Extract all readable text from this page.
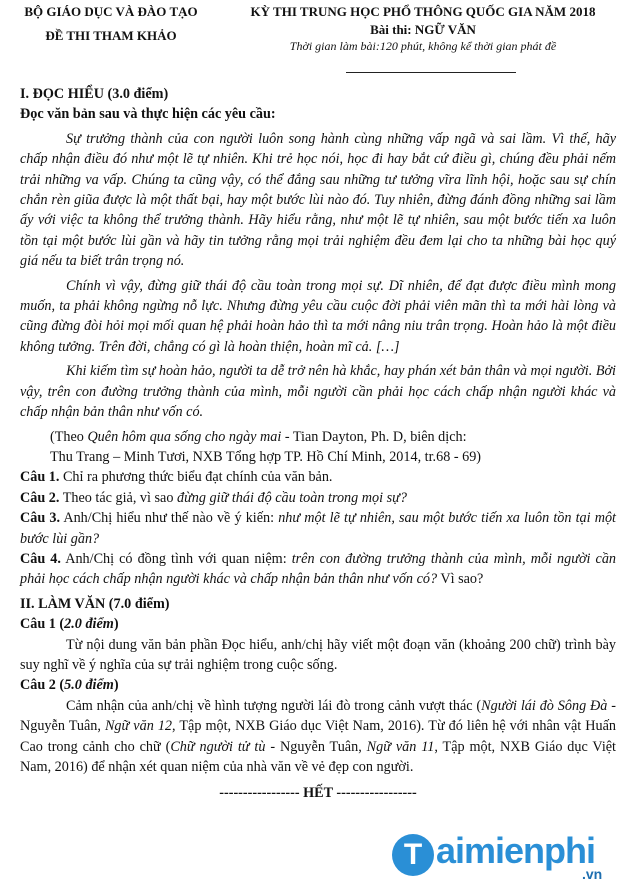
BỘ GIÁO DỤC VÀ ĐÀO TẠO
ĐỀ THI THAM KHẢO
KỲ THI TRUNG HỌC PHỔ THÔNG QUỐC GIA NĂM 2018
Bài thi: NGỮ VĂN
Thời gian làm bài:120 phút, không kể thời gian phát đề

I. ĐỌC HIỂU (3.0 điểm)

Đọc văn bản sau và thực hiện các yêu cầu:

Sự trưởng thành của con người luôn song hành cùng những vấp ngã và sai lầm. Vì thế, hãy chấp nhận điều đó như một lẽ tự nhiên. Khi trẻ học nói, học đi hay bắt cứ điều gì, chúng đều phải nếm trải những va vấp. Chúng ta cũng vậy, có thể đắng sau những tư tưởng vĩra lĩnh hội, hoặc sau sự chín chắn rèn giũa được là một thất bại, hay một bước lùi nào đó. Tuy nhiên, đừng đánh đồng những sai lầm ấy với việc ta không thể trưởng thành. Hãy hiểu rằng, như một lẽ tự nhiên, sau một bước tiến xa luôn tồn tại một bước lùi gần và hãy tin tưởng rằng mọi trải nghiệm đều đem lại cho ta những bài học quý giá nếu ta biết trân trọng nó.

Chính vì vậy, đừng giữ thái độ cầu toàn trong mọi sự. Dĩ nhiên, để đạt được điều mình mong muốn, ta phải không ngừng nỗ lực. Nhưng đừng yêu cầu cuộc đời phải viên mãn thì ta mới hài lòng và cũng đừng đòi hỏi mọi mối quan hệ phải hoàn hảo thì ta mới nâng niu trân trọng. Hoàn hảo là một điều không tưởng. Trên đời, chẳng có gì là hoàn thiện, hoàn mĩ cả. […]

Khi kiếm tìm sự hoàn hảo, người ta dễ trở nên hà khắc, hay phán xét bản thân và mọi người. Bởi vậy, trên con đường trưởng thành của mình, mỗi người cần phải học cách chấp nhận người khác và chấp nhận bản thân như vốn có.

(Theo Quên hôm qua sống cho ngày mai - Tian Dayton, Ph. D, biên dịch:

Thu Trang – Minh Tươi, NXB Tổng hợp TP. Hồ Chí Minh, 2014, tr.68 - 69)

Câu 1. Chỉ ra phương thức biểu đạt chính của văn bản.

Câu 2. Theo tác giả, vì sao đừng giữ thái độ cầu toàn trong mọi sự?

Câu 3. Anh/Chị hiểu như thế nào về ý kiến: như một lẽ tự nhiên, sau một bước tiến xa luôn tồn tại một bước lùi gần?

Câu 4. Anh/Chị có đồng tình với quan niệm: trên con đường trưởng thành của mình, mỗi người cần phải học cách chấp nhận người khác và chấp nhận bản thân như vốn có? Vì sao?

II. LÀM VĂN (7.0 điểm)

Câu 1 (2.0 điểm)

Từ nội dung văn bản phần Đọc hiểu, anh/chị hãy viết một đoạn văn (khoảng 200 chữ) trình bày suy nghĩ về ý nghĩa của sự trải nghiệm trong cuộc sống.

Câu 2 (5.0 điểm)

Cảm nhận của anh/chị về hình tượng người lái đò trong cảnh vượt thác (Người lái đò Sông Đà - Nguyễn Tuân, Ngữ văn 12, Tập một, NXB Giáo dục Việt Nam, 2016). Từ đó liên hệ với nhân vật Huấn Cao trong cảnh cho chữ (Chữ người tử tù - Nguyễn Tuân, Ngữ văn 11, Tập một, NXB Giáo dục Việt Nam, 2016) để nhận xét quan niệm của nhà văn về vẻ đẹp con người.

----------------- HẾT -----------------

T aimienphi
.vn
